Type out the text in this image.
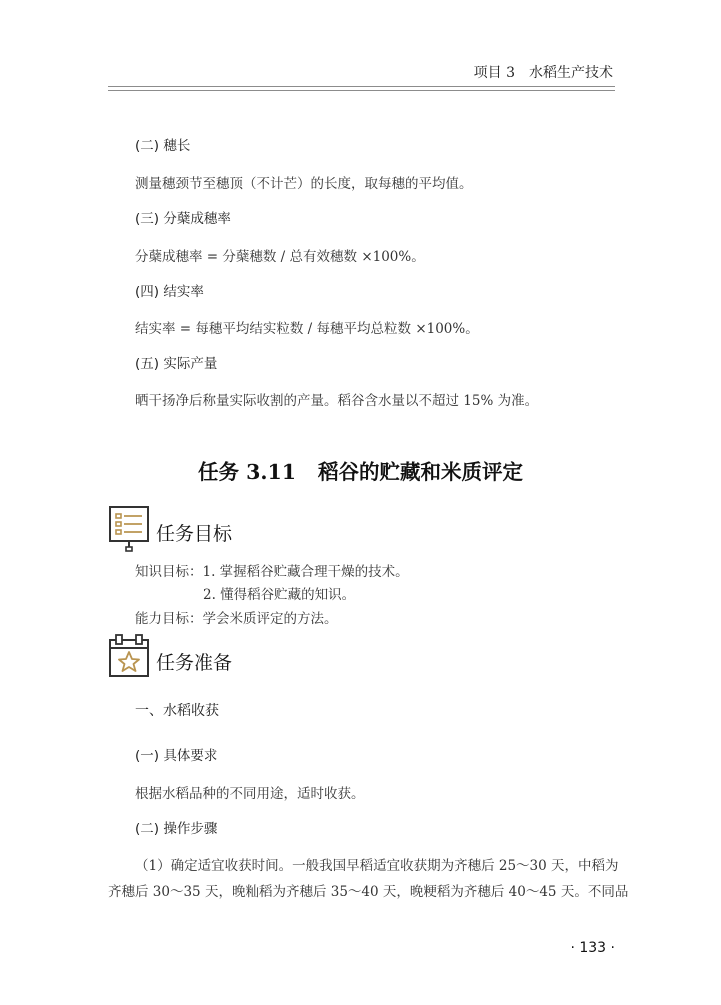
项目 3 水稻生产技术
(二) 穗长
测量穗颈节至穗顶（不计芒）的长度，取每穗的平均值。
(三) 分蘖成穗率
分蘖成穗率 = 分蘖穗数 / 总有效穗数 ×100%。
(四) 结实率
结实率 = 每穗平均结实粒数 / 每穗平均总粒数 ×100%。
(五) 实际产量
晒干扬净后称量实际收割的产量。稻谷含水量以不超过 15% 为准。
任务 3.11 稻谷的贮藏和米质评定
任务目标
知识目标：1. 掌握稻谷贮藏合理干燥的技术。
2. 懂得稻谷贮藏的知识。
能力目标：学会米质评定的方法。
任务准备
一、水稻收获
(一) 具体要求
根据水稻品种的不同用途，适时收获。
(二) 操作步骤
（1）确定适宜收获时间。一般我国早稻适宜收获期为齐穗后 25～30 天，中稻为
齐穗后 30～35 天，晚籼稻为齐穗后 35～40 天，晚粳稻为齐穗后 40～45 天。不同品
· 133 ·
